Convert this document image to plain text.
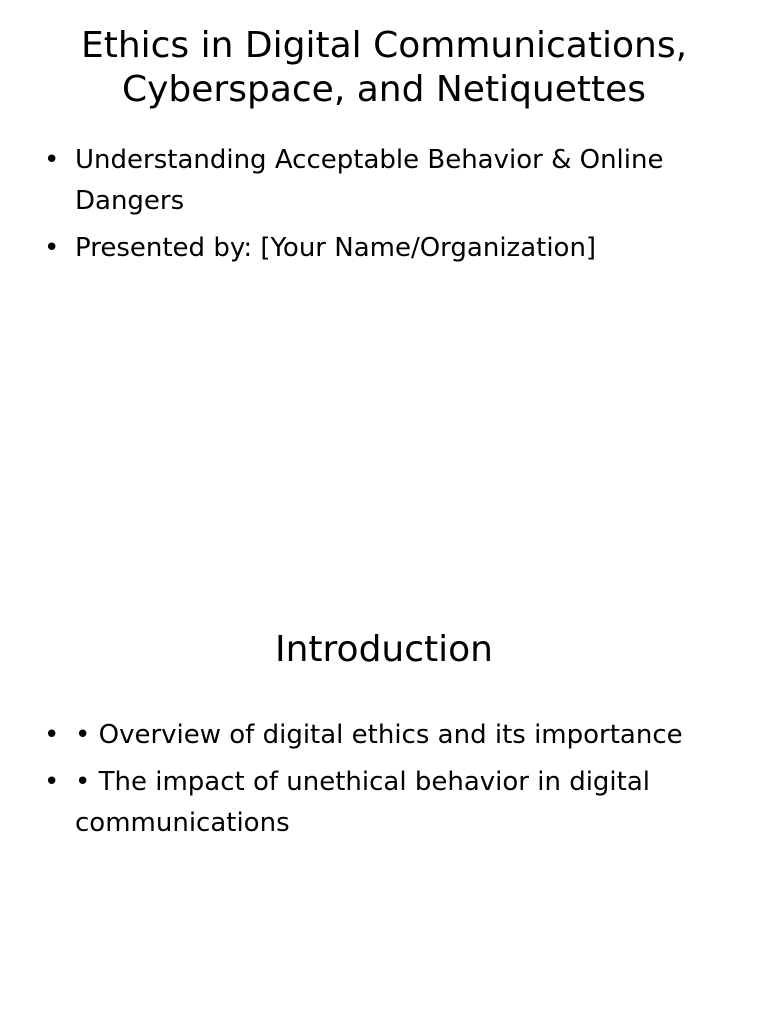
Ethics in Digital Communications, Cyberspace, and Netiquettes
• Understanding Acceptable Behavior & Online Dangers
• Presented by: [Your Name/Organization]
Introduction
• • Overview of digital ethics and its importance
• • The impact of unethical behavior in digital communications
